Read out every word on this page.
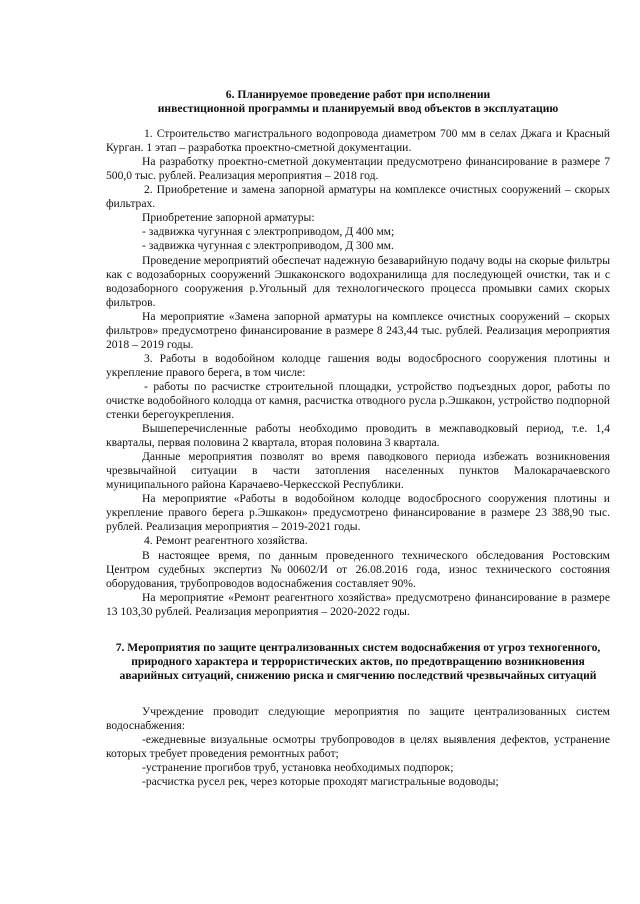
6. Планируемое проведение работ при исполнении
инвестиционной программы и планируемый ввод объектов в эксплуатацию

1. Строительство магистрального водопровода диаметром 700 мм в селах Джага и Красный Курган. 1 этап – разработка проектно-сметной документации.

На разработку проектно-сметной документации предусмотрено финансирование в размере 7 500,0 тыс. рублей. Реализация мероприятия – 2018 год.

2. Приобретение и замена запорной арматуры на комплексе очистных сооружений – скорых фильтрах.

Приобретение запорной арматуры:

- задвижка чугунная с электроприводом, Д 400 мм;

- задвижка чугунная с электроприводом, Д 300 мм.

Проведение мероприятий обеспечат надежную безаварийную подачу воды на скорые фильтры как с водозаборных сооружений Эшкаконского водохранилища для последующей очистки, так и с водозаборного сооружения р.Угольный для технологического процесса промывки самих скорых фильтров.

На мероприятие «Замена запорной арматуры на комплексе очистных сооружений – скорых фильтров» предусмотрено финансирование в размере 8 243,44 тыс. рублей. Реализация мероприятия 2018 – 2019 годы.

3. Работы в водобойном колодце гашения воды водосбросного сооружения плотины и укрепление правого берега, в том числе:

- работы по расчистке строительной площадки, устройство подъездных дорог, работы по очистке водобойного колодца от камня, расчистка отводного русла р.Эшкакон, устройство подпорной стенки берегоукрепления.

Вышеперечисленные работы необходимо проводить в межпаводковый период, т.е. 1,4 кварталы, первая половина 2 квартала, вторая половина 3 квартала.

Данные мероприятия позволят во время паводкового периода избежать возникновения чрезвычайной ситуации в части затопления населенных пунктов Малокарачаевского муниципального района Карачаево-Черкесской Республики.

На мероприятие «Работы в водобойном колодце водосбросного сооружения плотины и укрепление правого берега р.Эшкакон» предусмотрено финансирование в размере 23 388,90 тыс. рублей. Реализация мероприятия – 2019-2021 годы.

4. Ремонт реагентного хозяйства.

В настоящее время, по данным проведенного технического обследования Ростовским Центром судебных экспертиз №00602/И от 26.08.2016 года, износ технического состояния оборудования, трубопроводов водоснабжения составляет 90%.

На мероприятие «Ремонт реагентного хозяйства» предусмотрено финансирование в размере 13 103,30 рублей. Реализация мероприятия – 2020-2022 годы.

7. Мероприятия по защите централизованных систем водоснабжения от угроз техногенного, природного характера и террористических актов, по предотвращению возникновения аварийных ситуаций, снижению риска и смягчению последствий чрезвычайных ситуаций

Учреждение проводит следующие мероприятия по защите централизованных систем водоснабжения:

-ежедневные визуальные осмотры трубопроводов в целях выявления дефектов, устранение которых требует проведения ремонтных работ;

-устранение прогибов труб, установка необходимых подпорок;

-расчистка русел рек, через которые проходят магистральные водоводы;
